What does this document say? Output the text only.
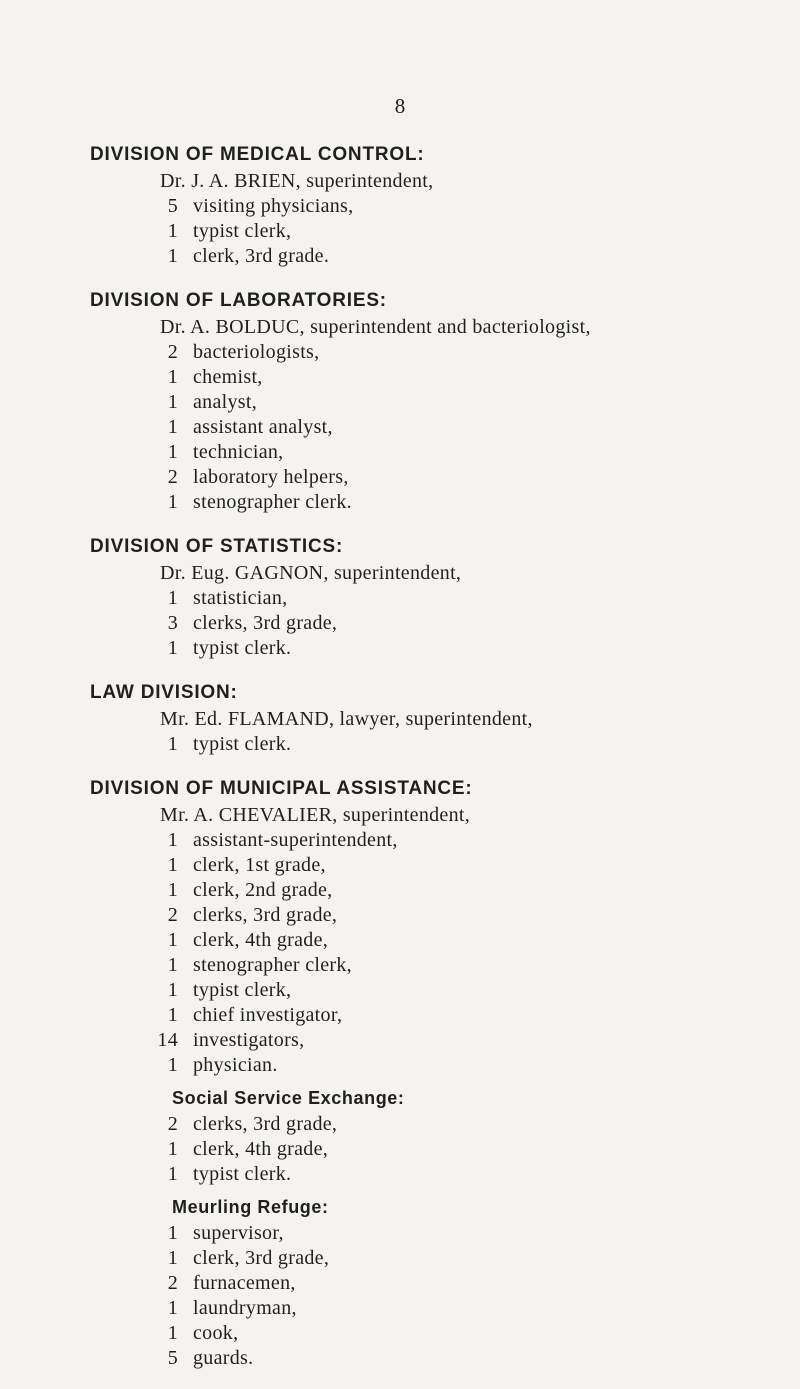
8
DIVISION OF MEDICAL CONTROL:
Dr. J. A. BRIEN, superintendent,
5 visiting physicians,
1 typist clerk,
1 clerk, 3rd grade.
DIVISION OF LABORATORIES:
Dr. A. BOLDUC, superintendent and bacteriologist,
2 bacteriologists,
1 chemist,
1 analyst,
1 assistant analyst,
1 technician,
2 laboratory helpers,
1 stenographer clerk.
DIVISION OF STATISTICS:
Dr. Eug. GAGNON, superintendent,
1 statistician,
3 clerks, 3rd grade,
1 typist clerk.
LAW DIVISION:
Mr. Ed. FLAMAND, lawyer, superintendent,
1 typist clerk.
DIVISION OF MUNICIPAL ASSISTANCE:
Mr. A. CHEVALIER, superintendent,
1 assistant-superintendent,
1 clerk, 1st grade,
1 clerk, 2nd grade,
2 clerks, 3rd grade,
1 clerk, 4th grade,
1 stenographer clerk,
1 typist clerk,
1 chief investigator,
14 investigators,
1 physician.
Social Service Exchange:
2 clerks, 3rd grade,
1 clerk, 4th grade,
1 typist clerk.
Meurling Refuge:
1 supervisor,
1 clerk, 3rd grade,
2 furnacemen,
1 laundryman,
1 cook,
5 guards.
